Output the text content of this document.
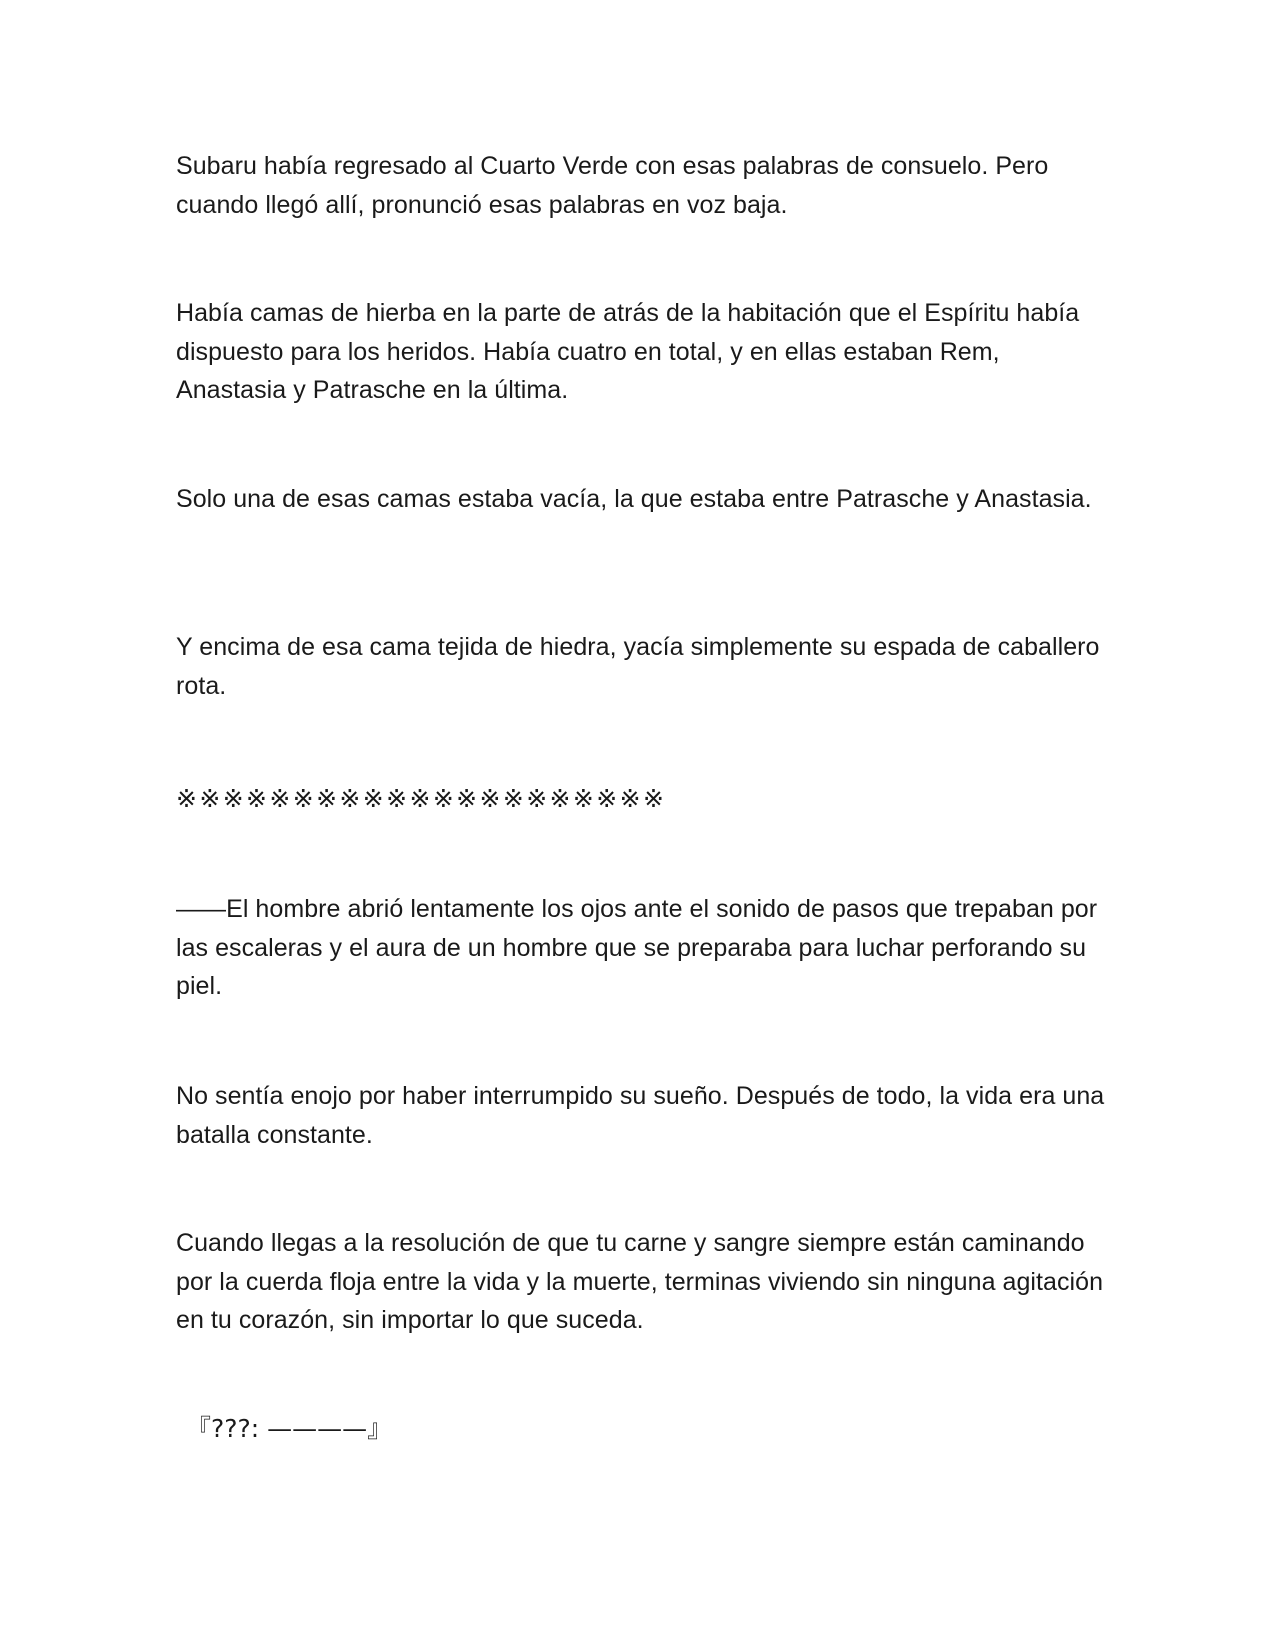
Subaru había regresado al Cuarto Verde con esas palabras de consuelo. Pero cuando llegó allí, pronunció esas palabras en voz baja.

Había camas de hierba en la parte de atrás de la habitación que el Espíritu había dispuesto para los heridos. Había cuatro en total, y en ellas estaban Rem, Anastasia y Patrasche en la última.

Solo una de esas camas estaba vacía, la que estaba entre Patrasche y Anastasia.

Y encima de esa cama tejida de hiedra, yacía simplemente su espada de caballero rota.

※※※※※※※※※※※※※※※※※※※※※

——El hombre abrió lentamente los ojos ante el sonido de pasos que trepaban por las escaleras y el aura de un hombre que se preparaba para luchar perforando su piel.

No sentía enojo por haber interrumpido su sueño. Después de todo, la vida era una batalla constante.

Cuando llegas a la resolución de que tu carne y sangre siempre están caminando por la cuerda floja entre la vida y la muerte, terminas viviendo sin ninguna agitación en tu corazón, sin importar lo que suceda.

『???: ————』
